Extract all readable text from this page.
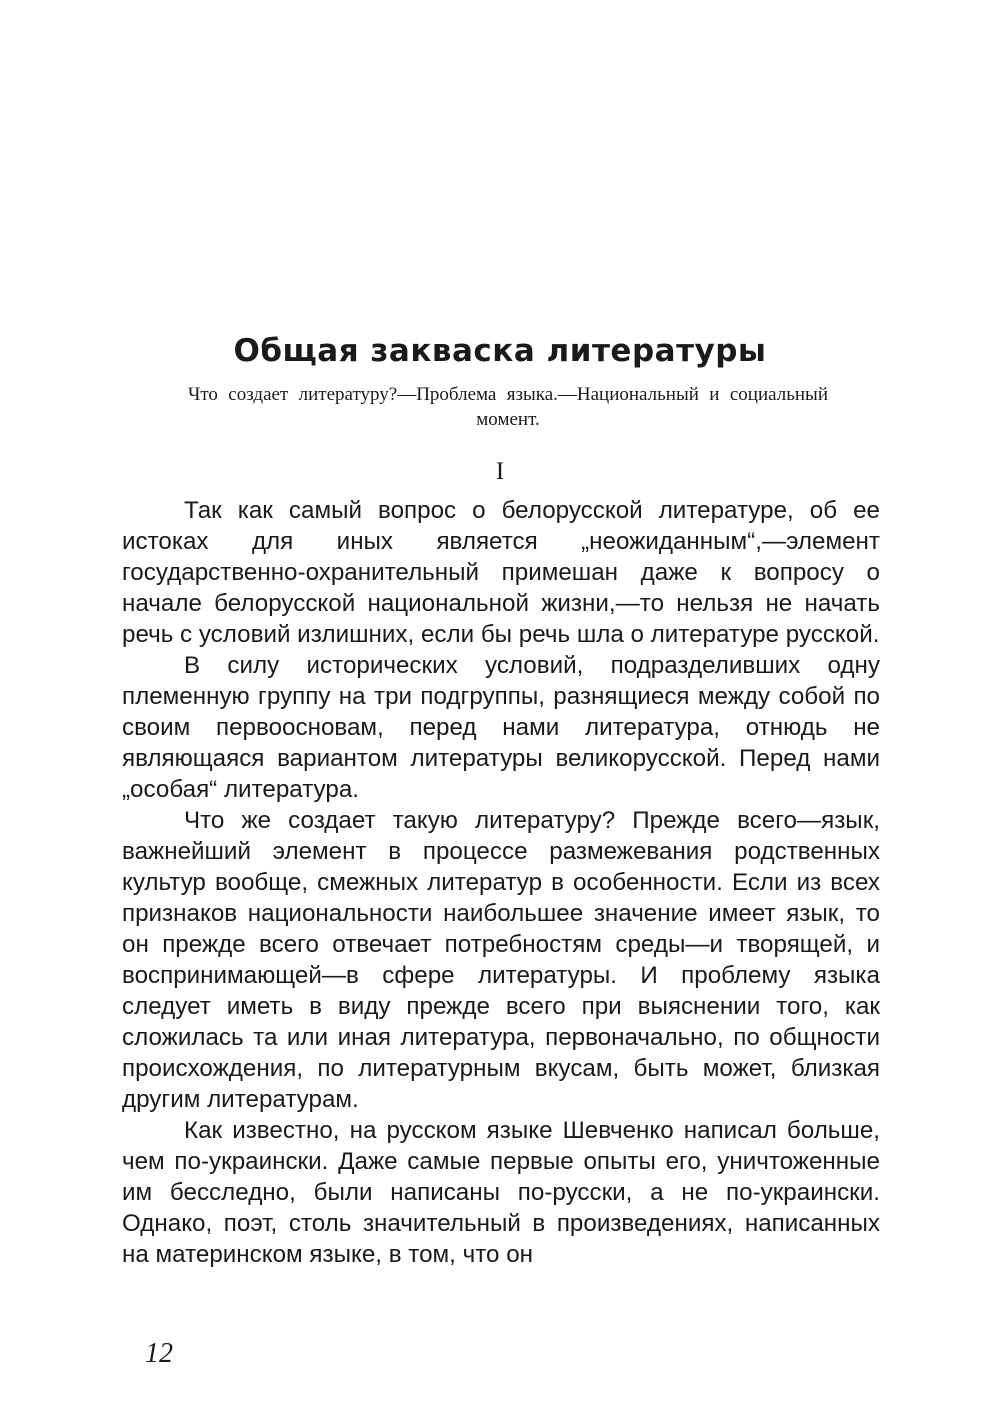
Общая закваска литературы

Что создает литературу?—Проблема языка.—Национальный и социальный момент.

I

Так как самый вопрос о белорусской литературе, об ее истоках для иных является „неожиданным“,—элемент государственно-охранительный примешан даже к вопросу о начале белорусской национальной жизни,—то нельзя не начать речь с условий излишних, если бы речь шла о литературе русской.

В силу исторических условий, подразделивших одну племенную группу на три подгруппы, разнящиеся между собой по своим первоосновам, перед нами литература, отнюдь не являющаяся вариантом литературы великорусской. Перед нами „особая“ литература.

Что же создает такую литературу? Прежде всего—язык, важнейший элемент в процессе размежевания родственных культур вообще, смежных литератур в особенности. Если из всех признаков национальности наибольшее значение имеет язык, то он прежде всего отвечает потребностям среды—и творящей, и воспринимающей—в сфере литературы. И проблему языка следует иметь в виду прежде всего при выяснении того, как сложилась та или иная литература, первоначально, по общности происхождения, по литературным вкусам, быть может, близкая другим литературам.

Как известно, на русском языке Шевченко написал больше, чем по-украински. Даже самые первые опыты его, уничтоженные им бесследно, были написаны по-русски, а не по-украински. Однако, поэт, столь значительный в произведениях, написанных на материнском языке, в том, что он

12
